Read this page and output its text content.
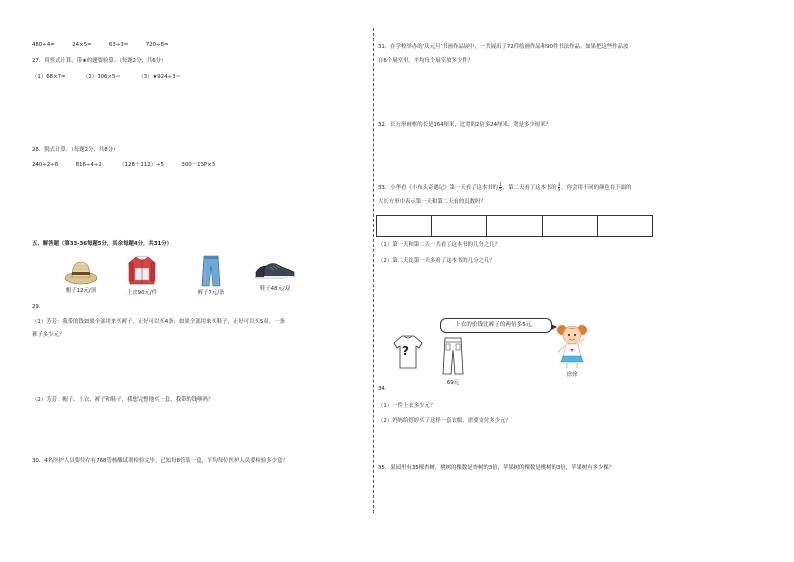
480÷4=	24×5=	63÷3=	720÷8=
27．用竖式计算，带★的题要验算。（每题2分，共6分）
（1）68×7=	（2）306×5＝	（3）★924÷3＝
28．脱式计算。（每题2分，共8分）
240÷2÷6	816÷4÷2	（128＋112）÷5	300－13P×3
五、解答题（第33-36每题5分，其余每题4分，共31分）
帽子12元/顶	上衣90元/件	裤子7元/条
鞋子48元/双
29．
（1）芳芳：我带的钱如果全部用来买裤子，正好可以买4条；如果全部用来买鞋子，正好可以买5双。一条
裤子多少元？
（2）芳芳：帽子、上衣、裤子和鞋子，我想完整地买一套，我带的钱够吗？
30．4名医护人员要往存有768管核酸试剂检验完毕。已知每8管装一盒，平均每位医护人员要检验多少盒？
31．在学校举办的‘庆元旦’书画作品展中，一共展出了72件绘画作品和90件书法作品。如果把这些作品放
在6个展室里，平均每个展室放多少件？
32．长方形画框的长是164厘米，比宽的2倍多24厘米，宽是多少厘米？
33．小华看《小布头奇遇记》第一天看了这本书的 $\frac{1}{5}$ ，第二天看了这本书的 $\frac{3}{5}$ 。你会用不同的颜色在下面的
大长方形中表示第一天和第二天看的页数吗？
（1）第一天和第二天一共看了这本书的几分之几？
（2）第二天比第一天多看了这本书的几分之几？
上衣的价钱比裤子的两倍多5元。
?
69元
徐徐
34．
（1）一件上衣多少元？
（2）妈妈给婷婷买了这样一套衣服，需要支付多少元？
35．果园里有35棵杏树，桃树的棵数是杏树的3倍，苹果树的棵数是桃树的3倍，苹果树有多少棵？
